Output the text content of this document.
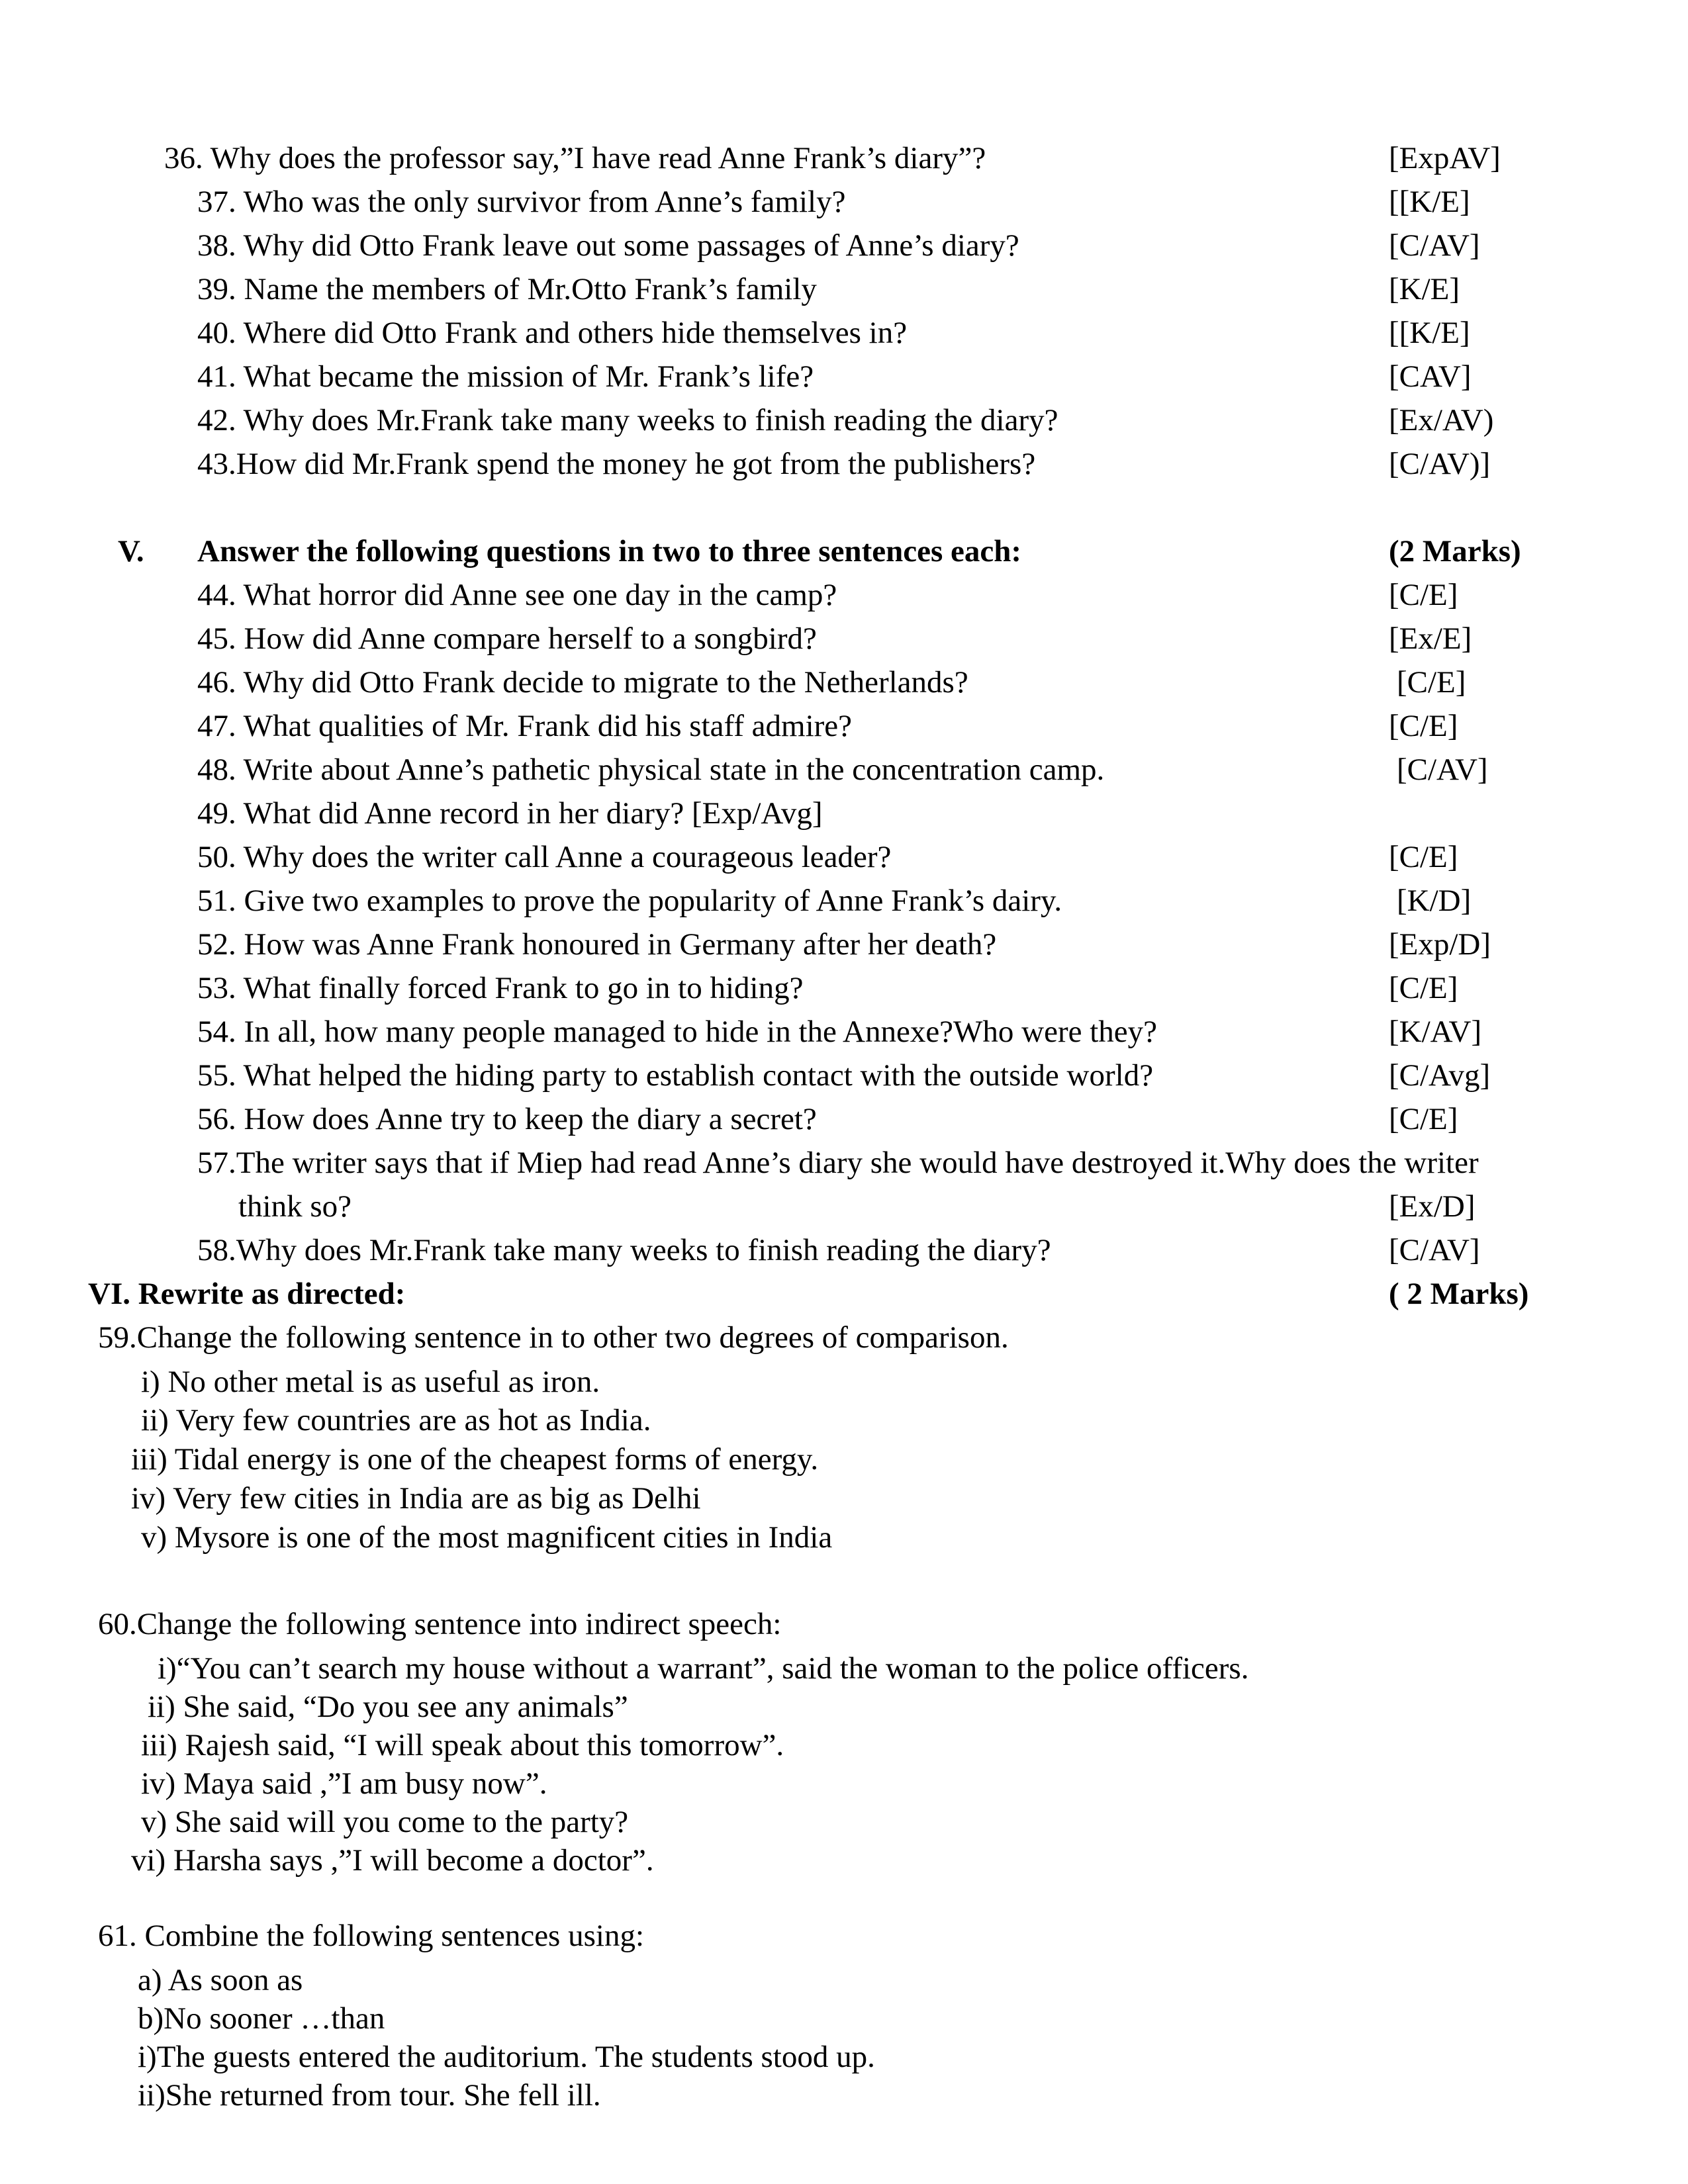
36. Why does the professor say,”I have read Anne Frank’s diary”?	[ExpAV]
37. Who was the only survivor from Anne’s family?	[[K/E]
38. Why did Otto Frank leave out some passages of Anne’s diary?	[C/AV]
39. Name the members of Mr.Otto Frank’s family	[K/E]
40. Where did Otto Frank and others hide themselves in?	[[K/E]
41. What became the mission of Mr. Frank’s life?	[CAV]
42. Why does Mr.Frank take many weeks to finish reading the diary?	[Ex/AV)
43.How did Mr.Frank spend the money he got from the publishers?	[C/AV)]
V. Answer the following questions in two to three sentences each:	(2 Marks)
44. What horror did Anne see one day in the camp?	[C/E]
45. How did Anne compare herself to a songbird?	[Ex/E]
46. Why did Otto Frank decide to migrate to the Netherlands?	[C/E]
47. What qualities of Mr. Frank did his staff admire?	[C/E]
48. Write about Anne’s pathetic physical state in the concentration camp.	[C/AV]
49. What did Anne record in her diary? [Exp/Avg]
50. Why does the writer call Anne a courageous leader?	[C/E]
51. Give two examples to prove the popularity of Anne Frank’s dairy.	[K/D]
52. How was Anne Frank honoured in Germany after her death?	[Exp/D]
53. What finally forced Frank to go in to hiding?	[C/E]
54. In all, how many people managed to hide in the Annexe?Who were they?	[K/AV]
55. What helped the hiding party to establish contact with the outside world?	[C/Avg]
56. How does Anne try to keep the diary a secret?	[C/E]
57.The writer says that if Miep had read Anne’s diary she would have destroyed it.Why does the writer
think so?	[Ex/D]
58.Why does Mr.Frank take many weeks to finish reading the diary?	[C/AV]
VI. Rewrite as directed:	( 2 Marks)
59.Change the following sentence in to other two degrees of comparison.
i) No other metal is as useful as iron.
ii) Very few countries are as hot as India.
iii) Tidal energy is one of the cheapest forms of energy.
iv) Very few cities in India are as big as Delhi
v) Mysore is one of the most magnificent cities in India
60.Change the following sentence into indirect speech:
i)“You can’t search my house without a warrant”, said the woman to the police officers.
ii) She said, “Do you see any animals”
iii) Rajesh said, “I will speak about this tomorrow”.
iv) Maya said ,”I am busy now”.
v) She said will you come to the party?
vi) Harsha says ,”I will become a doctor”.
61. Combine the following sentences using:
a) As soon as
b)No sooner …than
i)The guests entered the auditorium. The students stood up.
ii)She returned from tour. She fell ill.
